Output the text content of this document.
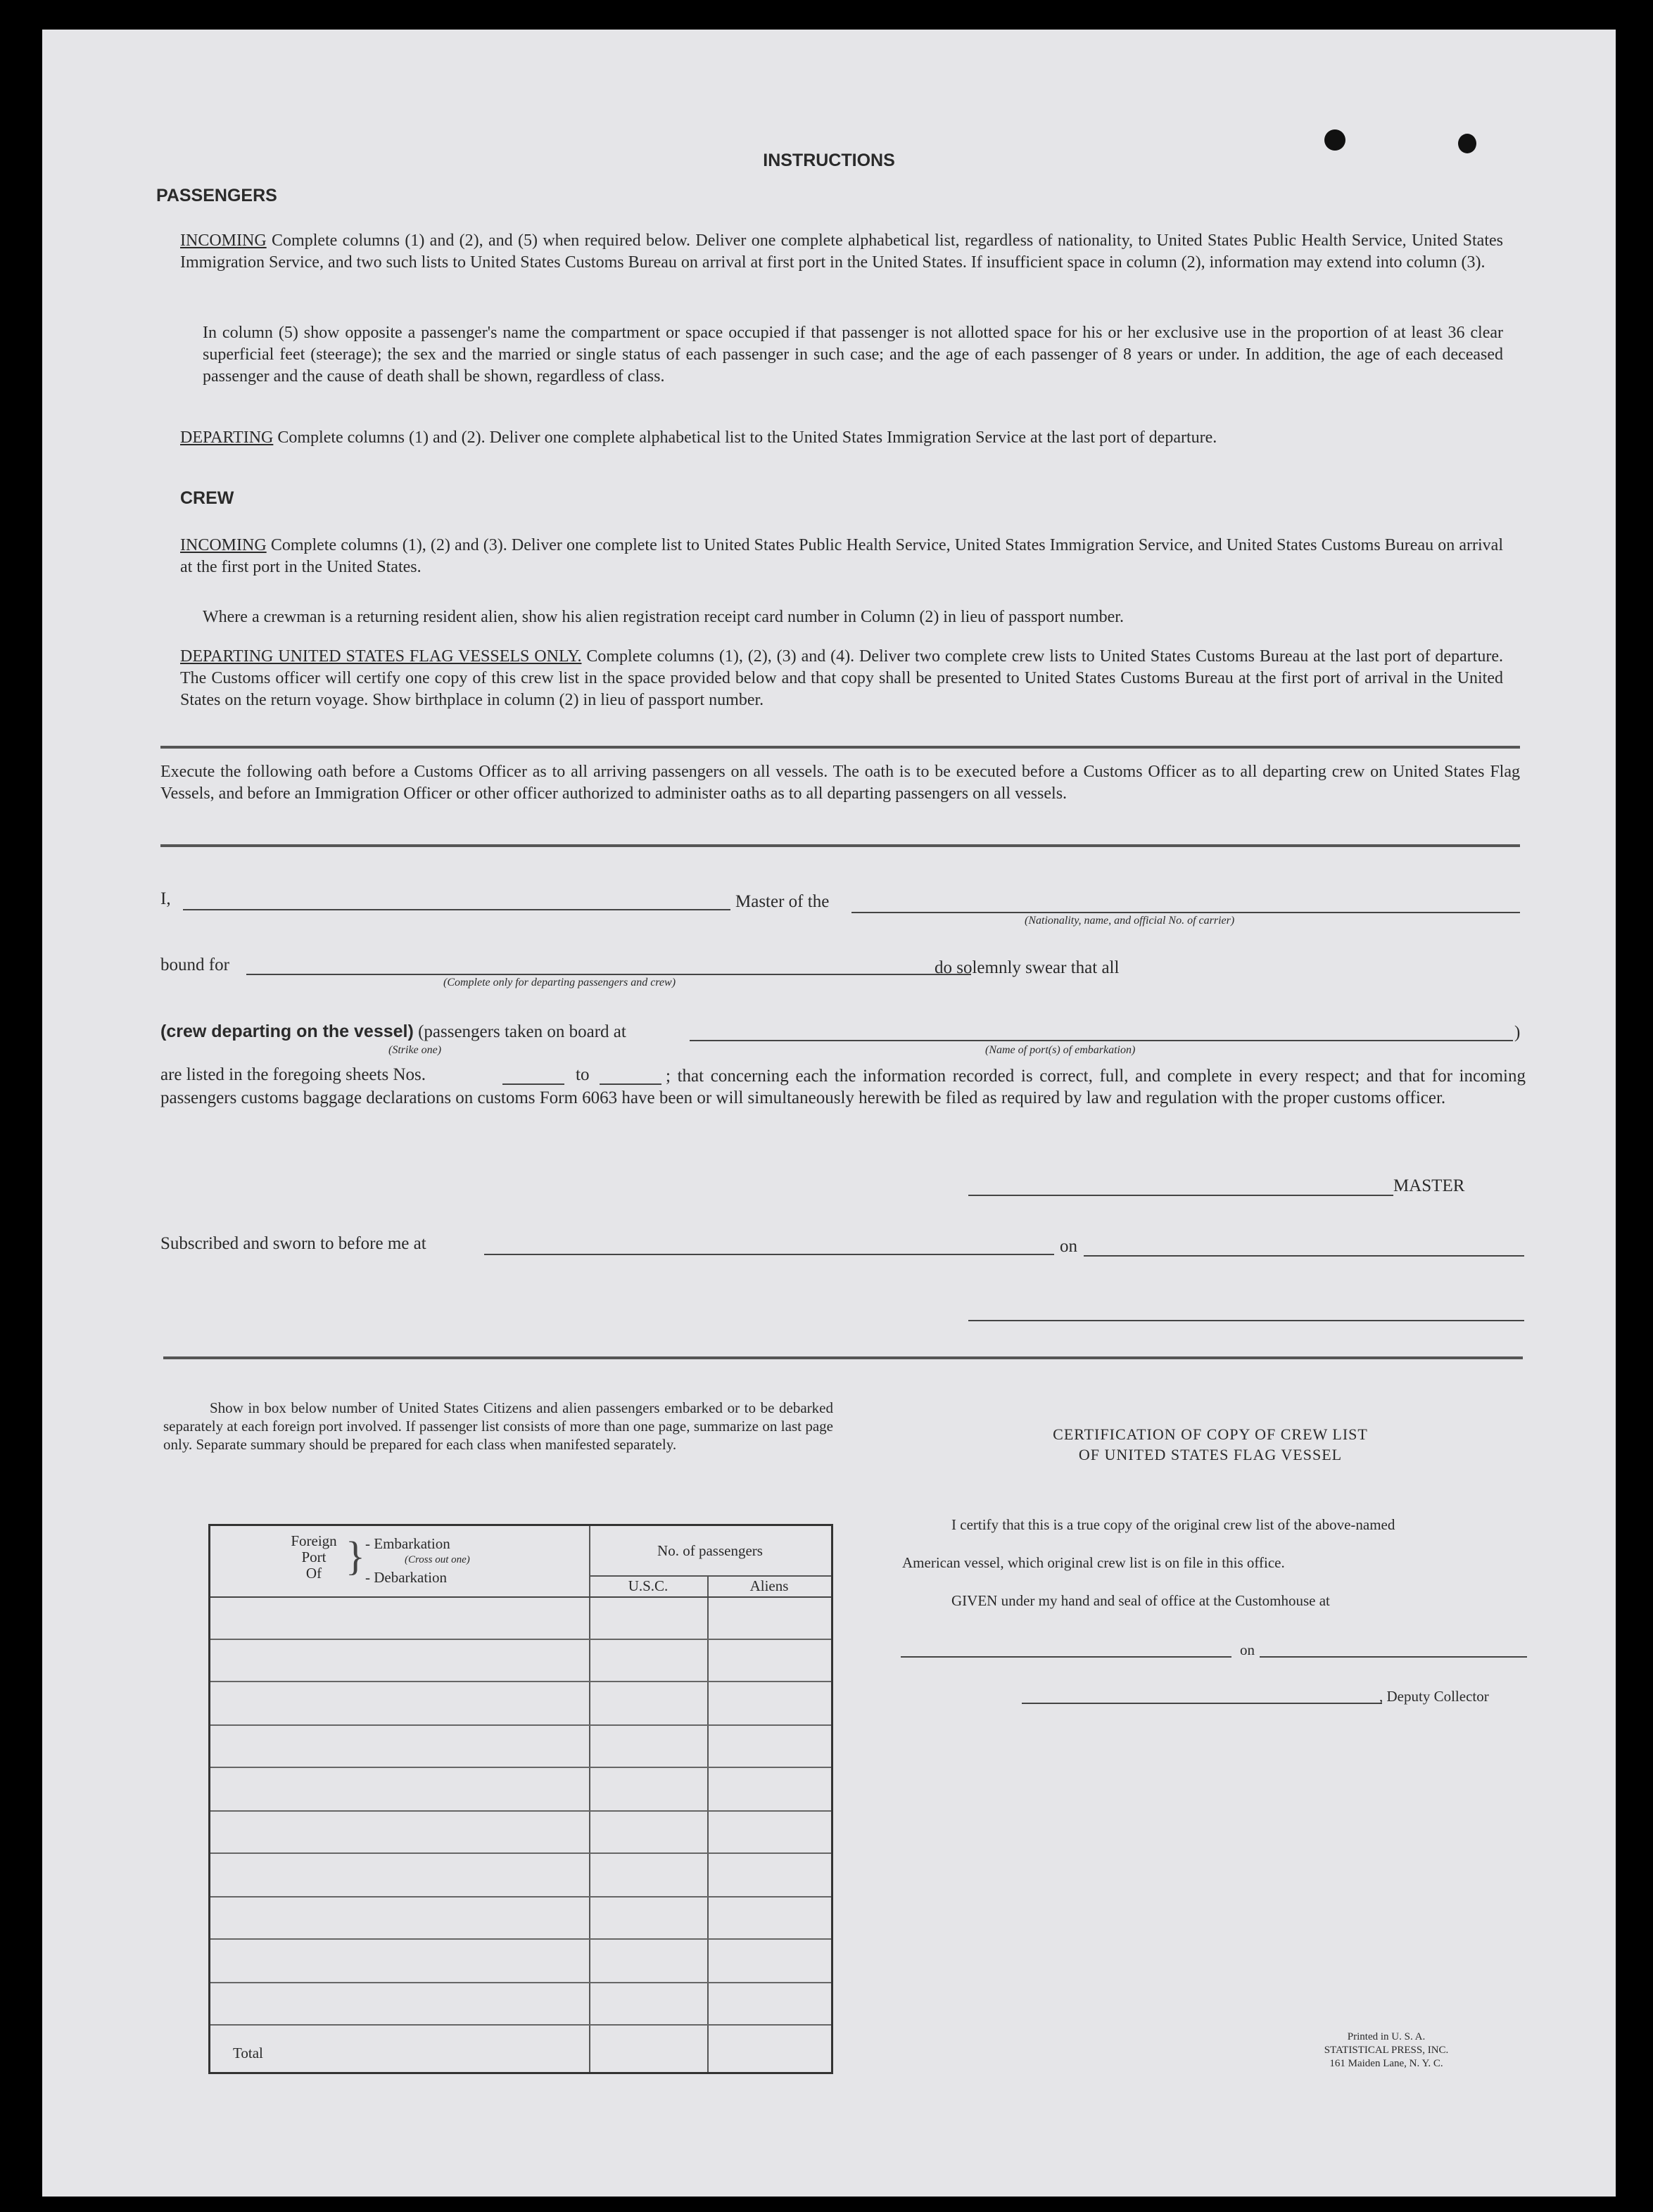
INSTRUCTIONS
PASSENGERS
INCOMING Complete columns (1) and (2), and (5) when required below. Deliver one complete alphabetical list, regardless of nationality, to United States Public Health Service, United States Immigration Service, and two such lists to United States Customs Bureau on arrival at first port in the United States. If insufficient space in column (2), information may extend into column (3).
In column (5) show opposite a passenger's name the compartment or space occupied if that passenger is not allotted space for his or her exclusive use in the proportion of at least 36 clear superficial feet (steerage); the sex and the married or single status of each passenger in such case; and the age of each passenger of 8 years or under. In addition, the age of each deceased passenger and the cause of death shall be shown, regardless of class.
DEPARTING Complete columns (1) and (2). Deliver one complete alphabetical list to the United States Immigration Service at the last port of departure.
CREW
INCOMING Complete columns (1), (2) and (3). Deliver one complete list to United States Public Health Service, United States Immigration Service, and United States Customs Bureau on arrival at the first port in the United States.
Where a crewman is a returning resident alien, show his alien registration receipt card number in Column (2) in lieu of passport number.
DEPARTING UNITED STATES FLAG VESSELS ONLY. Complete columns (1), (2), (3) and (4). Deliver two complete crew lists to United States Customs Bureau at the last port of departure. The Customs officer will certify one copy of this crew list in the space provided below and that copy shall be presented to United States Customs Bureau at the first port of arrival in the United States on the return voyage. Show birthplace in column (2) in lieu of passport number.
Execute the following oath before a Customs Officer as to all arriving passengers on all vessels. The oath is to be executed before a Customs Officer as to all departing crew on United States Flag Vessels, and before an Immigration Officer or other officer authorized to administer oaths as to all departing passengers on all vessels.
I,	Master of the
(Nationality, name, and official No. of carrier)
bound for
(Complete only for departing passengers and crew)
do solemnly swear that all
(crew departing on the vessel) (passengers taken on board at	)
(Strike one)	(Name of port(s) of embarkation)
are listed in the foregoing sheets Nos.	to	; that concerning each the information recorded is correct, full, and complete in every respect; and that for incoming passengers customs baggage declarations on customs Form 6063 have been or will simultaneously herewith be filed as required by law and regulation with the proper customs officer.
MASTER
Subscribed and sworn to before me at	on
Show in box below number of United States Citizens and alien passengers embarked or to be debarked separately at each foreign port involved. If passenger list consists of more than one page, summarize on last page only. Separate summary should be prepared for each class when manifested separately.
Foreign
Port
Of } - Embarkation
(Cross out one)
- Debarkation
No. of passengers
U.S.C.	Aliens
Total
CERTIFICATION OF COPY OF CREW LIST
OF UNITED STATES FLAG VESSEL
I certify that this is a true copy of the original crew list of the above-named
American vessel, which original crew list is on file in this office.
GIVEN under my hand and seal of office at the Customhouse at
on
, Deputy Collector
Printed in U. S. A.
STATISTICAL PRESS, INC.
161 Maiden Lane, N. Y. C.
